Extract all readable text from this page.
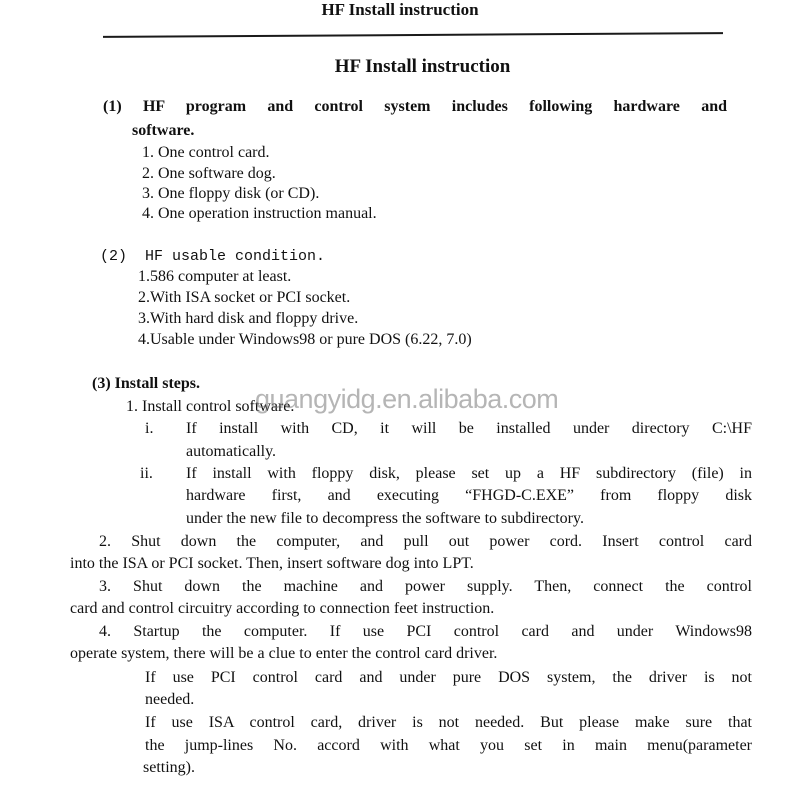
HF Install instruction
HF Install instruction
(1) HF program and control system includes following hardware and
software.
1. One control card.
2. One software dog.
3. One floppy disk (or CD).
4. One operation instruction manual.
(2)  HF usable condition.
1.586 computer at least.
2.With ISA socket or PCI socket.
3.With hard disk and floppy drive.
4.Usable under Windows98 or pure DOS (6.22, 7.0)
(3) Install steps.
1. Install control software.
i. If install with CD, it will be installed under directory C:\HF
automatically.
ii. If install with floppy disk, please set up a HF subdirectory (file) in
hardware first, and executing “FHGD-C.EXE” from floppy disk
under the new file to decompress the software to subdirectory.
2. Shut down the computer, and pull out power cord. Insert control card
into the ISA or PCI socket. Then, insert software dog into LPT.
3. Shut down the machine and power supply. Then, connect the control
card and control circuitry according to connection feet instruction.
4. Startup the computer. If use PCI control card and under Windows98
operate system, there will be a clue to enter the control card driver.
If use PCI control card and under pure DOS system, the driver is not
needed.
If use ISA control card, driver is not needed. But please make sure that
the jump-lines No. accord with what you set in main menu(parameter
setting).
guangyidg.en.alibaba.com
